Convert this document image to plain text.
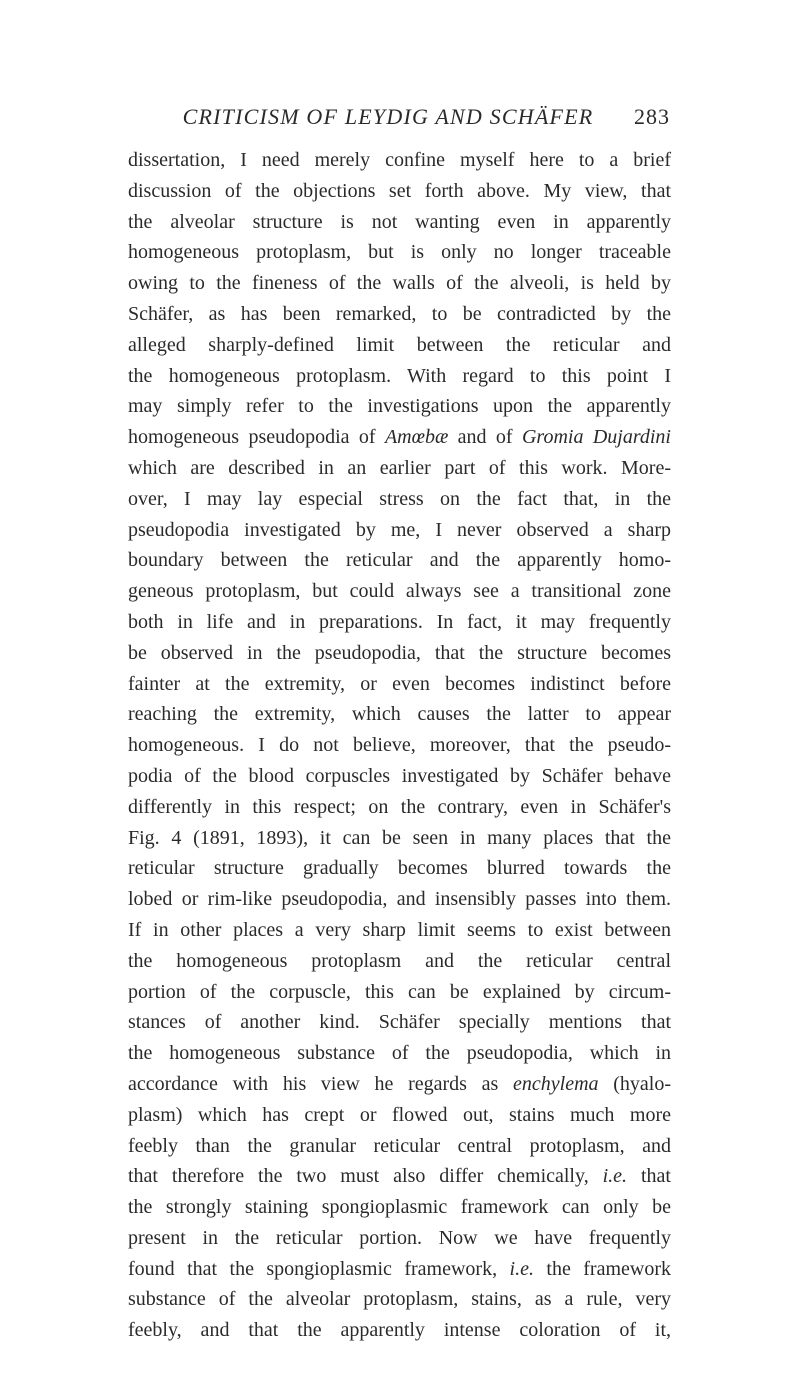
CRITICISM OF LEYDIG AND SCHÄFER	283
dissertation, I need merely confine myself here to a brief
discussion of the objections set forth above. My view, that
the alveolar structure is not wanting even in apparently
homogeneous protoplasm, but is only no longer traceable
owing to the fineness of the walls of the alveoli, is held by
Schäfer, as has been remarked, to be contradicted by the
alleged sharply-defined limit between the reticular and
the homogeneous protoplasm. With regard to this point I
may simply refer to the investigations upon the apparently
homogeneous pseudopodia of Amœbæ and of Gromia Dujardini
which are described in an earlier part of this work. More-
over, I may lay especial stress on the fact that, in the
pseudopodia investigated by me, I never observed a sharp
boundary between the reticular and the apparently homo-
geneous protoplasm, but could always see a transitional zone
both in life and in preparations. In fact, it may frequently
be observed in the pseudopodia, that the structure becomes
fainter at the extremity, or even becomes indistinct before
reaching the extremity, which causes the latter to appear
homogeneous. I do not believe, moreover, that the pseudo-
podia of the blood corpuscles investigated by Schäfer behave
differently in this respect; on the contrary, even in Schäfer's
Fig. 4 (1891, 1893), it can be seen in many places that the
reticular structure gradually becomes blurred towards the
lobed or rim-like pseudopodia, and insensibly passes into them.
If in other places a very sharp limit seems to exist between
the homogeneous protoplasm and the reticular central
portion of the corpuscle, this can be explained by circum-
stances of another kind. Schäfer specially mentions that
the homogeneous substance of the pseudopodia, which in
accordance with his view he regards as enchylema (hyalo-
plasm) which has crept or flowed out, stains much more
feebly than the granular reticular central protoplasm, and
that therefore the two must also differ chemically, i.e. that
the strongly staining spongioplasmic framework can only be
present in the reticular portion. Now we have frequently
found that the spongioplasmic framework, i.e. the framework
substance of the alveolar protoplasm, stains, as a rule, very
feebly, and that the apparently intense coloration of it,
